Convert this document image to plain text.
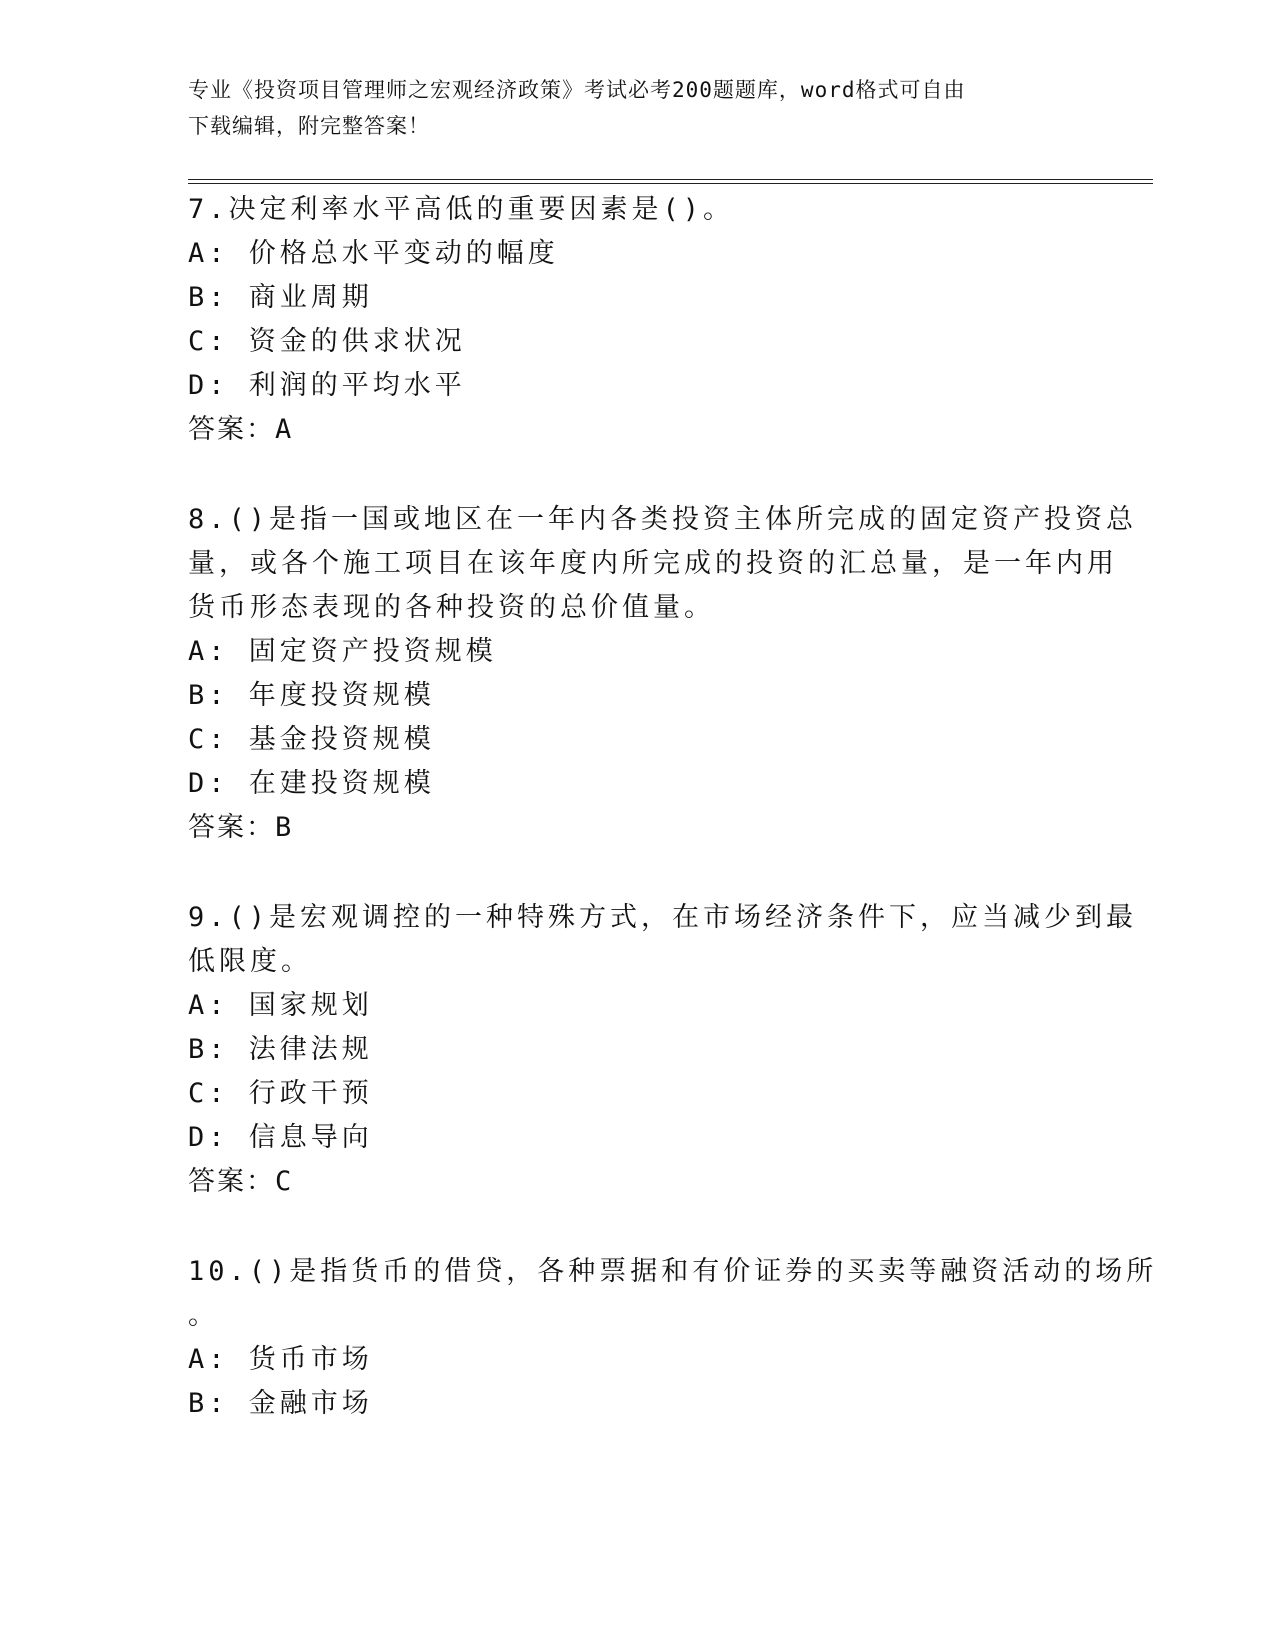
专业《投资项目管理师之宏观经济政策》考试必考200题题库，word格式可自由
下载编辑，附完整答案！
7.决定利率水平高低的重要因素是()。
A: 价格总水平变动的幅度
B: 商业周期
C: 资金的供求状况
D: 利润的平均水平
答案：A
8.()是指一国或地区在一年内各类投资主体所完成的固定资产投资总
量，或各个施工项目在该年度内所完成的投资的汇总量，是一年内用
货币形态表现的各种投资的总价值量。
A: 固定资产投资规模
B: 年度投资规模
C: 基金投资规模
D: 在建投资规模
答案：B
9.()是宏观调控的一种特殊方式，在市场经济条件下，应当减少到最
低限度。
A: 国家规划
B: 法律法规
C: 行政干预
D: 信息导向
答案：C
10.()是指货币的借贷，各种票据和有价证券的买卖等融资活动的场所
。
A: 货币市场
B: 金融市场
